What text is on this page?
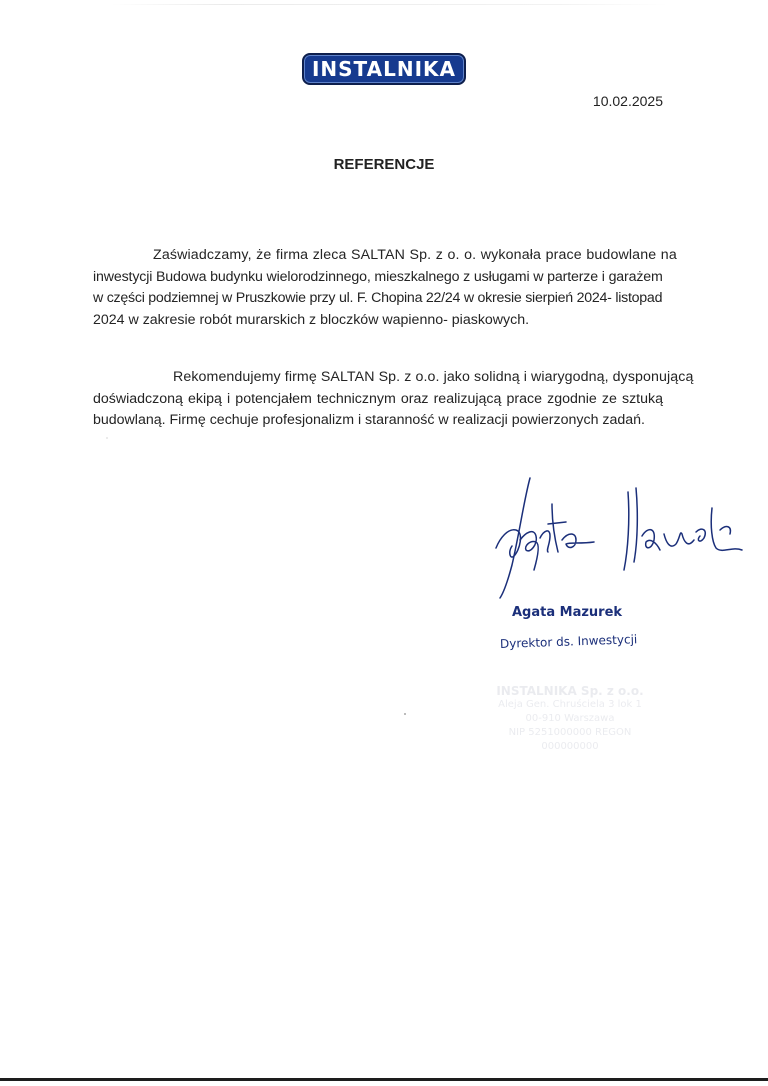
INSTALNIKA
10.02.2025
REFERENCJE
Zaświadczamy, że firma zleca SALTAN Sp. z o. o. wykonała prace budowlane na
inwestycji Budowa budynku wielorodzinnego, mieszkalnego z usługami w parterze i garażem
w części podziemnej w Pruszkowie przy ul. F. Chopina 22/24 w okresie sierpień 2024- listopad
2024 w zakresie robót murarskich z bloczków wapienno- piaskowych.
Rekomendujemy firmę SALTAN Sp. z o.o. jako solidną i wiarygodną, dysponującą
doświadczoną ekipą i potencjałem technicznym oraz realizującą prace zgodnie ze sztuką
budowlaną. Firmę cechuje profesjonalizm i staranność w realizacji powierzonych zadań.
Agata Mazurek
Dyrektor ds. Inwestycji
INSTALNIKA Sp. z o.o.
Aleja Gen. Chruściela 3 lok 1
00-910 Warszawa
NIP 5251000000 REGON 000000000
